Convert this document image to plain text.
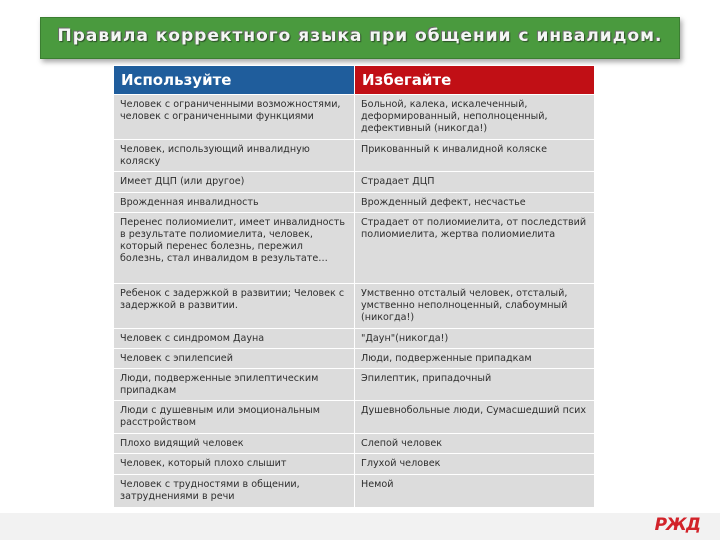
Правила корректного языка при общении с инвалидом.
Используйте	Избегайте
Человек с ограниченными возможностями, человек с ограниченными функциями	Больной, калека, искалеченный, деформированный, неполноценный, дефективный (никогда!)
Человек, использующий инвалидную коляску	Прикованный к инвалидной коляске
Имеет ДЦП (или другое)	Страдает ДЦП
Врожденная инвалидность	Врожденный дефект, несчастье
Перенес полиомиелит, имеет инвалидность в результате полиомиелита, человек, который перенес болезнь, пережил болезнь, стал инвалидом в результате…	Страдает от полиомиелита, от последствий полиомиелита, жертва полиомиелита
Ребенок с задержкой в развитии; Человек с задержкой в развитии.	Умственно отсталый человек, отсталый, умственно неполноценный, слабоумный (никогда!)
Человек с синдромом Дауна	"Даун"(никогда!)
Человек с эпилепсией	Люди, подверженные припадкам
Люди, подверженные эпилептическим припадкам	Эпилептик, припадочный
Люди с душевным или эмоциональным расстройством	Душевнобольные люди, Сумасшедший псих
Плохо видящий человек	Слепой человек
Человек, который плохо слышит	Глухой человек
Человек с трудностями в общении, затруднениями в речи	Немой
РЖД
